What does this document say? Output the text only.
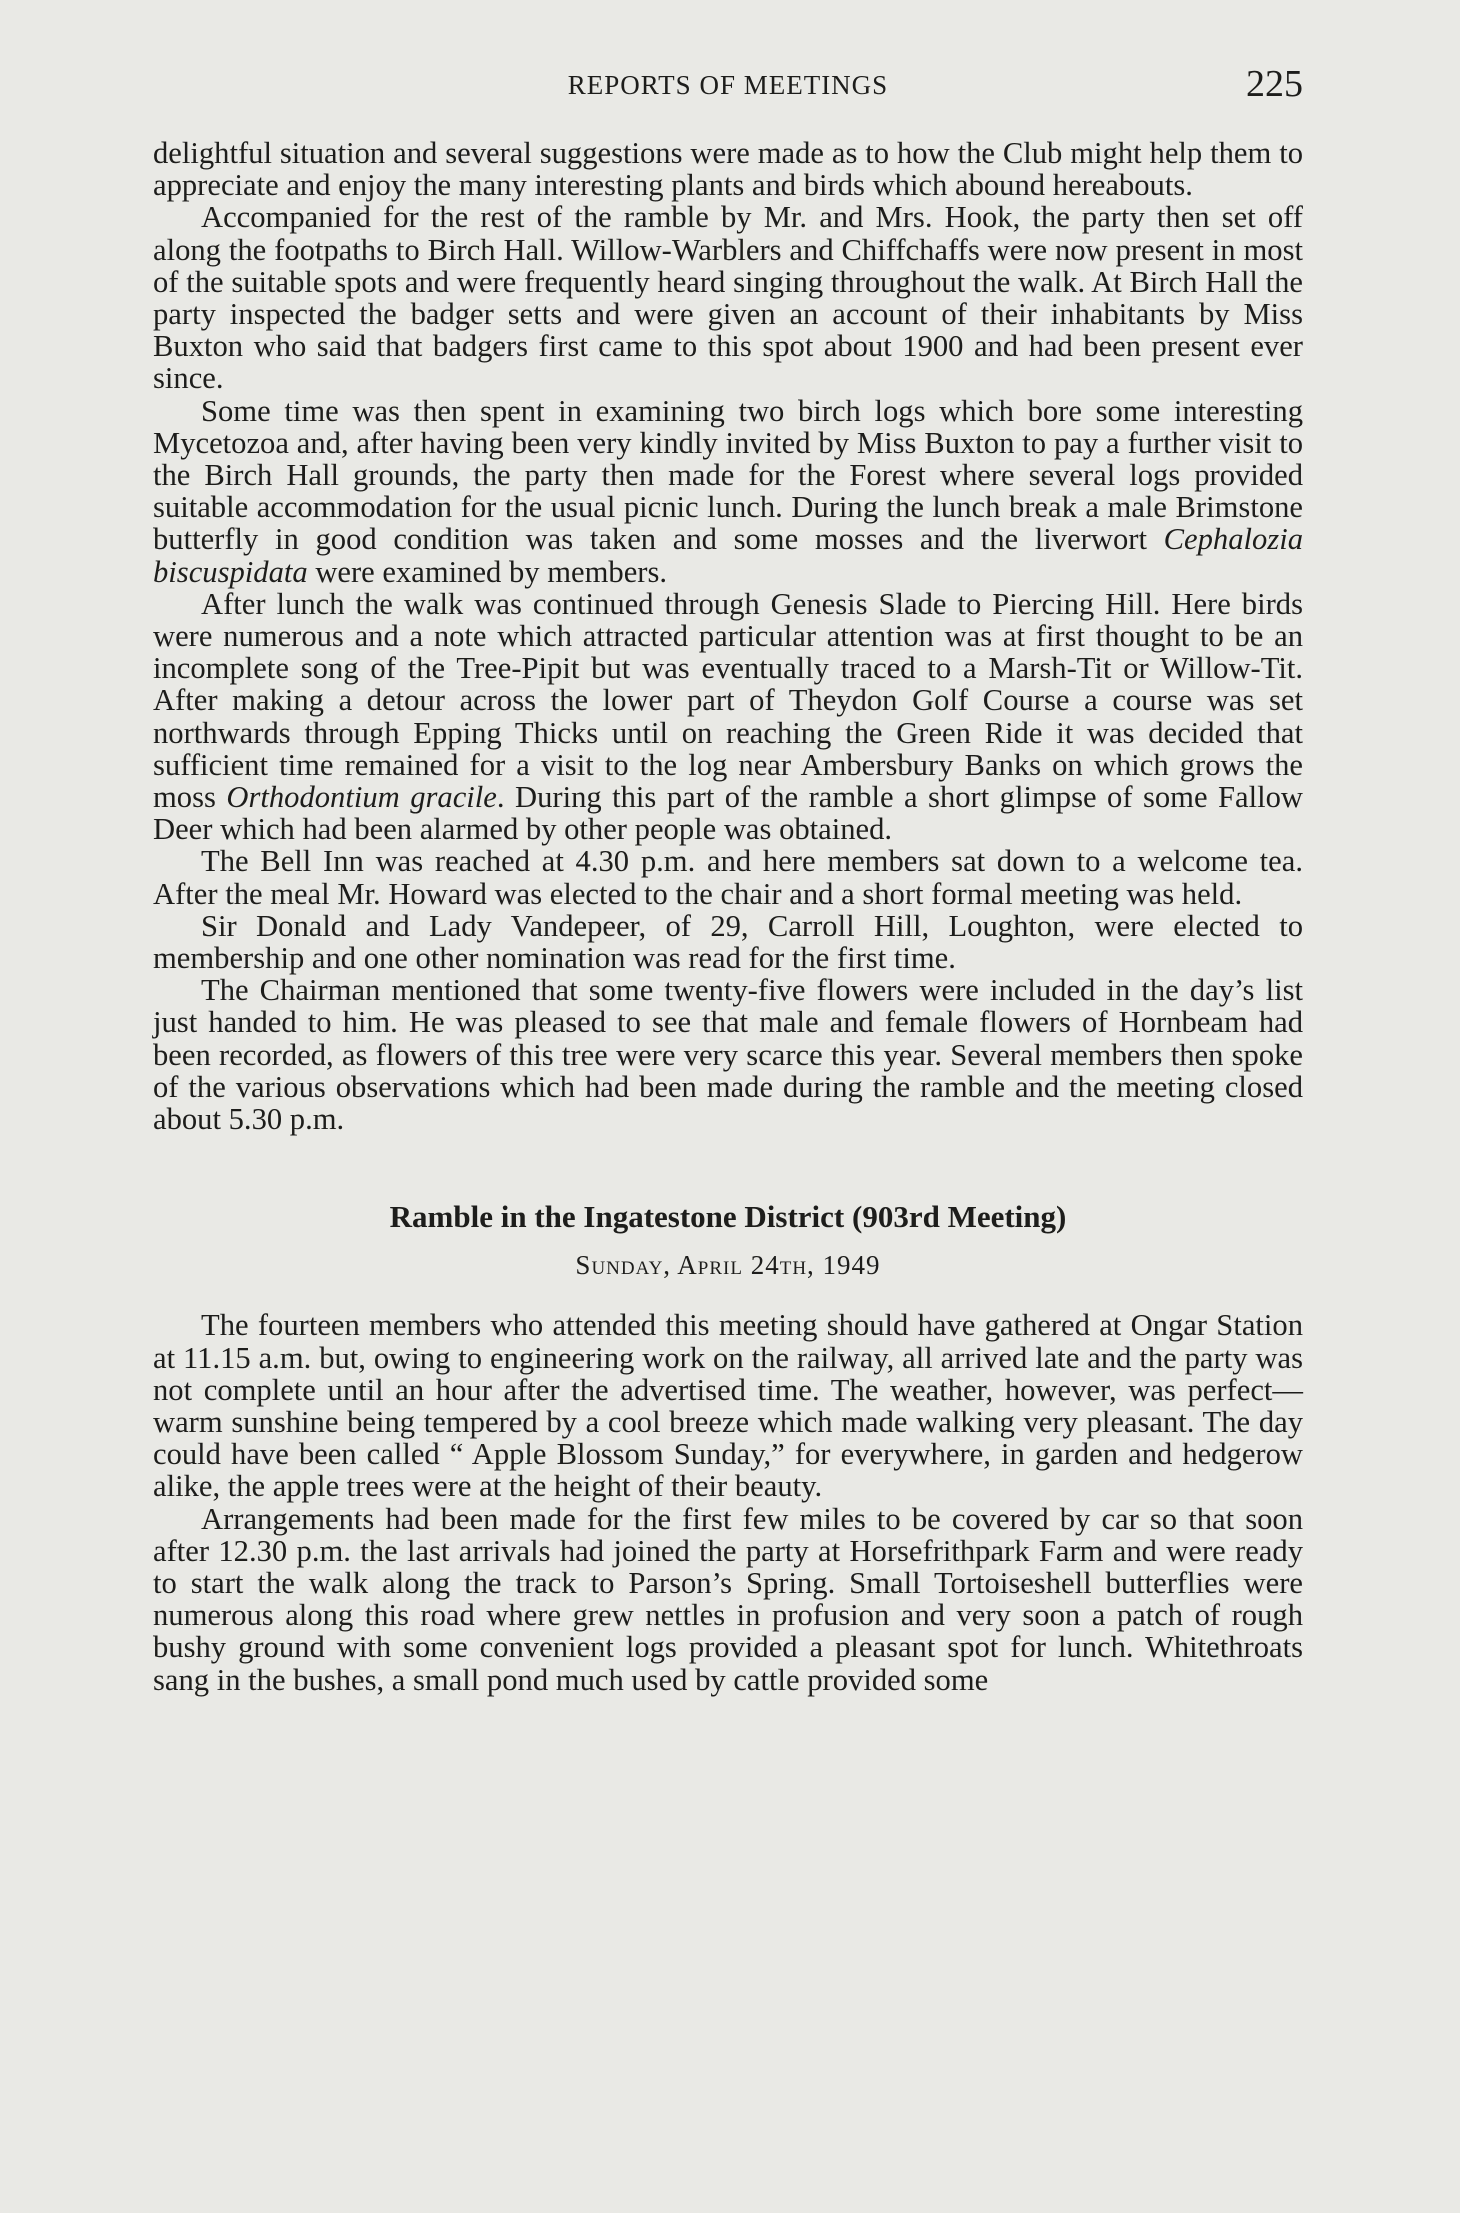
REPORTS OF MEETINGS	225

delightful situation and several suggestions were made as to how the Club might help them to appreciate and enjoy the many interesting plants and birds which abound hereabouts.

Accompanied for the rest of the ramble by Mr. and Mrs. Hook, the party then set off along the footpaths to Birch Hall. Willow-Warblers and Chiffchaffs were now present in most of the suitable spots and were frequently heard singing throughout the walk. At Birch Hall the party inspected the badger setts and were given an account of their inhabitants by Miss Buxton who said that badgers first came to this spot about 1900 and had been present ever since.

Some time was then spent in examining two birch logs which bore some interesting Mycetozoa and, after having been very kindly invited by Miss Buxton to pay a further visit to the Birch Hall grounds, the party then made for the Forest where several logs provided suitable accommodation for the usual picnic lunch. During the lunch break a male Brimstone butterfly in good condition was taken and some mosses and the liverwort Cephalozia biscuspidata were examined by members.

After lunch the walk was continued through Genesis Slade to Piercing Hill. Here birds were numerous and a note which attracted particular attention was at first thought to be an incomplete song of the Tree-Pipit but was eventually traced to a Marsh-Tit or Willow-Tit. After making a detour across the lower part of Theydon Golf Course a course was set northwards through Epping Thicks until on reaching the Green Ride it was decided that sufficient time remained for a visit to the log near Ambersbury Banks on which grows the moss Orthodontium gracile. During this part of the ramble a short glimpse of some Fallow Deer which had been alarmed by other people was obtained.

The Bell Inn was reached at 4.30 p.m. and here members sat down to a welcome tea. After the meal Mr. Howard was elected to the chair and a short formal meeting was held.

Sir Donald and Lady Vandepeer, of 29, Carroll Hill, Loughton, were elected to membership and one other nomination was read for the first time.

The Chairman mentioned that some twenty-five flowers were included in the day’s list just handed to him. He was pleased to see that male and female flowers of Hornbeam had been recorded, as flowers of this tree were very scarce this year. Several members then spoke of the various observations which had been made during the ramble and the meeting closed about 5.30 p.m.

Ramble in the Ingatestone District (903rd Meeting)
Sunday, April 24th, 1949

The fourteen members who attended this meeting should have gathered at Ongar Station at 11.15 a.m. but, owing to engineering work on the railway, all arrived late and the party was not complete until an hour after the advertised time. The weather, however, was perfect—warm sunshine being tempered by a cool breeze which made walking very pleasant. The day could have been called “ Apple Blossom Sunday,” for everywhere, in garden and hedgerow alike, the apple trees were at the height of their beauty.

Arrangements had been made for the first few miles to be covered by car so that soon after 12.30 p.m. the last arrivals had joined the party at Horsefrithpark Farm and were ready to start the walk along the track to Parson’s Spring. Small Tortoiseshell butterflies were numerous along this road where grew nettles in profusion and very soon a patch of rough bushy ground with some convenient logs provided a pleasant spot for lunch. Whitethroats sang in the bushes, a small pond much used by cattle provided some
